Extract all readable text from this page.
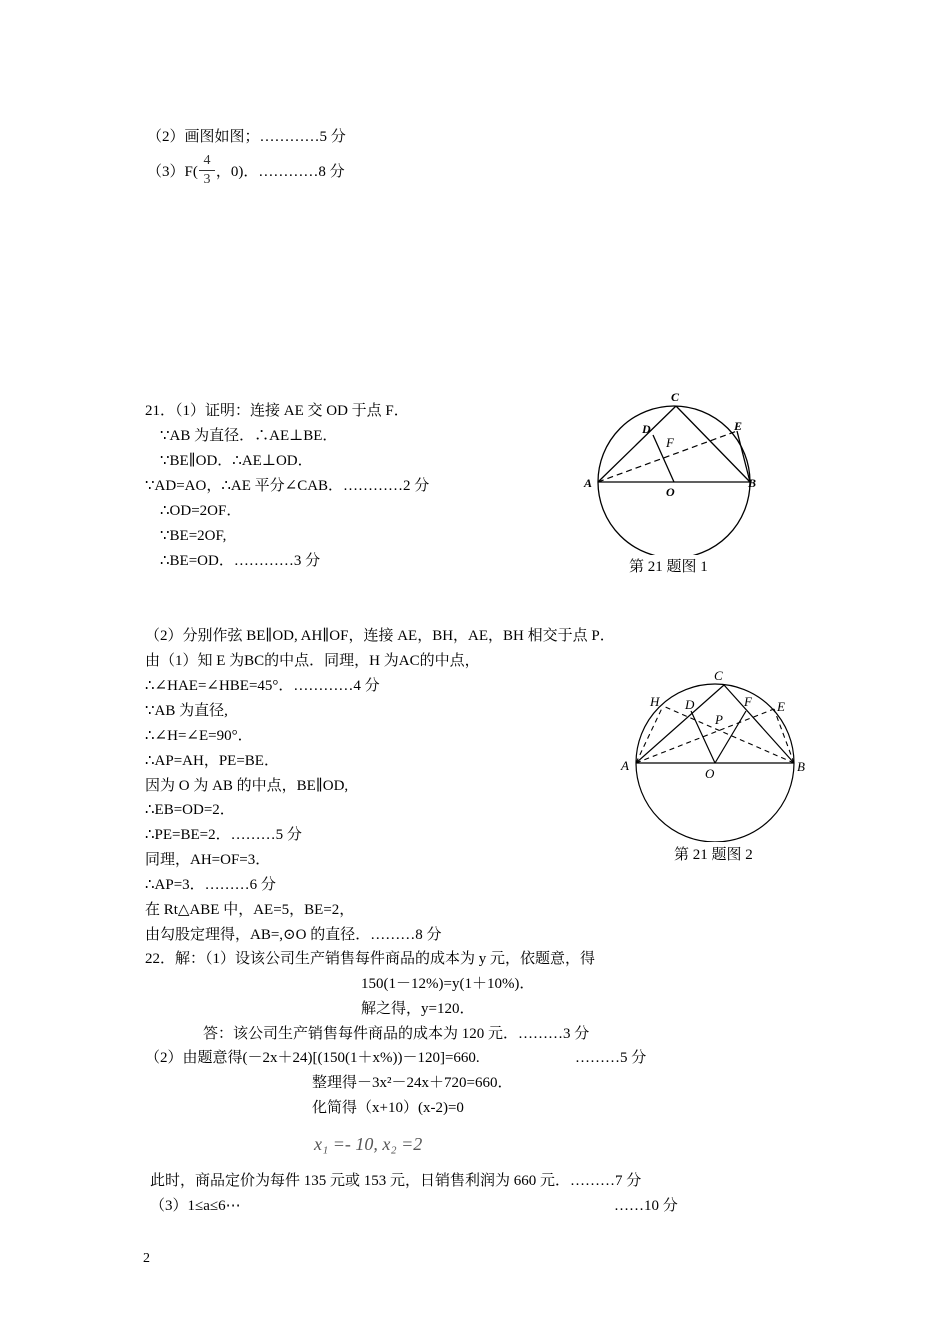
（2）画图如图；…………5 分
（3）F( ，0)．…………8 分
4
3
21．（1）证明：连接 AE 交 OD 于点 F．
∵AB 为直径．∴AE⊥BE．
∵BE∥OD．∴AE⊥OD．
∵AD=AO，∴AE 平分∠CAB．…………2 分
∴OD=2OF．
∵BE=2OF,
∴BE=OD．…………3 分
A	B
C
D	E
F
O
第 21 题图 1
（2）分别作弦 BE∥OD, AH∥OF，连接 AE，BH，AE，BH 相交于点 P．
由（1）知 E 为BC的中点．同理，H 为AC的中点，
∴∠HAE=∠HBE=45°．…………4 分
∵AB 为直径,
∴∠H=∠E=90°．
∴AP=AH，PE=BE．
因为 O 为 AB 的中点，BE∥OD,
∴EB=OD=2．
∴PE=BE=2．………5 分
同理，AH=OF=3．
∴AP=3．………6 分
在 Rt△ABE 中，AE=5，BE=2，
由勾股定理得，AB=,⊙O 的直径．………8 分
A	B
C
D	E
F
H
O
P
第 21 题图 2
22．解：（1）设该公司生产销售每件商品的成本为 y 元，依题意，得
150(1－12%)=y(1＋10%)．
解之得，y=120．
答：该公司生产销售每件商品的成本为 120 元．………3 分
（2）由题意得(－2x＋24)[(150(1＋x%))－120]=660.	………5 分
整理得－3x²－24x＋720=660．
化简得（x+10）(x-2)=0
x₁ =- 10, x₂ =2
此时，商品定价为每件 135 元或 153 元，日销售利润为 660 元．………7 分
（3）1≤a≤6⋯	……10 分
2
